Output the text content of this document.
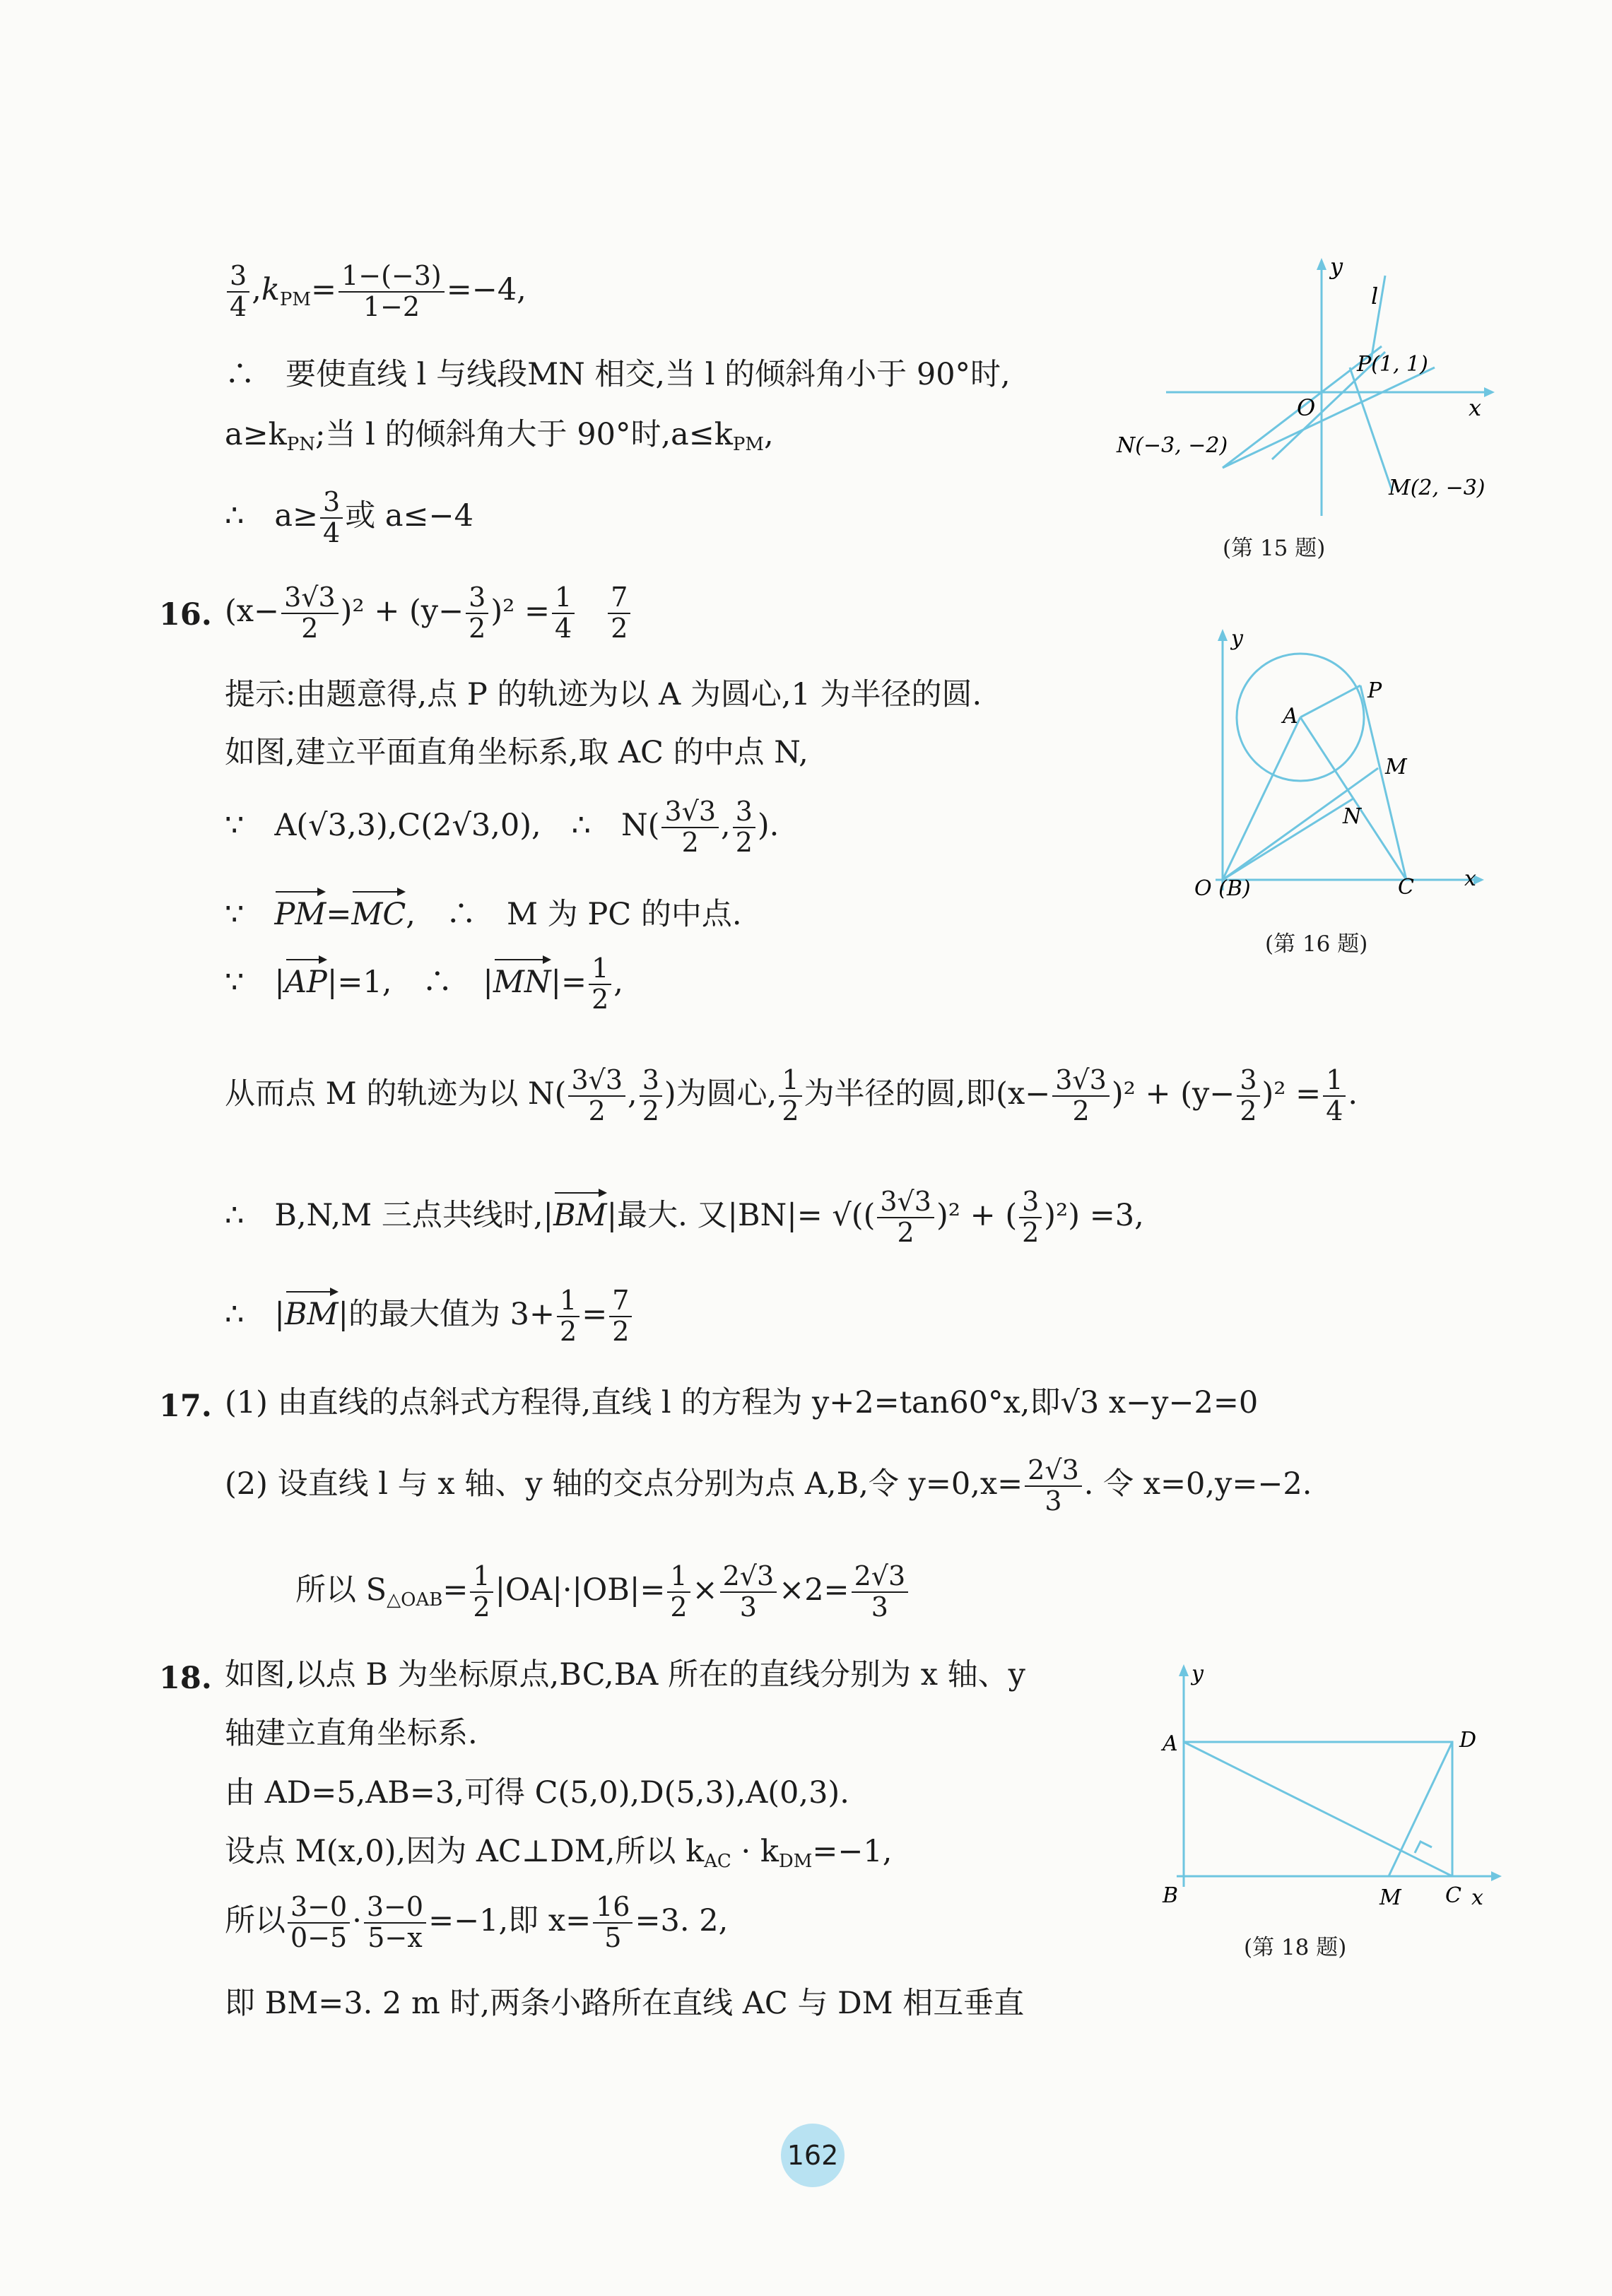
$\frac{3}{4} ,k_{PM}= \frac{1-(-3)}{1-2} =-4$,
∴　要使直线 l 与线段MN 相交,当 l 的倾斜角小于 90°时,
$a\ge k_{PN}$;当 l 的倾斜角大于 90°时$,a\le k_{PM}$,
∴　$a\ge \frac{3}{4}$ 或 a≤−4
y
x
l
O
P(1, 1)
N(−3, −2)
M(2, −3)
(第 15 题)
16. $(x- \frac{3√3}{2} )^2 + (y- \frac{3}{2} )^2 = \frac{1}{4}$
$\frac{7}{2}$
提示:由题意得,点 P 的轨迹为以 A 为圆心,1 为半径的圆.
如图,建立平面直角坐标系,取 AC 的中点 N,
∵　A(√3,3),C(2√3,0),　∴　$N( \frac{3√3}{2}$ , $\frac{3}{2}$ ).
∵　PM=MC,　∴　M 为 PC 的中点.
∵　|AP|=1,　∴　$|MN|= \frac{1}{2}$ ,
从而点 M 的轨迹为以 $N( \frac{3√3}{2}$ , $\frac{3}{2}$ )为圆心, $\frac{1}{2}$ 为半径的圆,即$(x- \frac{3√3}{2} )^2 + (y- \frac{3}{2} )^2 = \frac{1}{4}$ .
∴　B,N,M 三点共线时,|BM|最大. 又|BN|= √(( $\frac{3√3}{2} )^2$ + ( $\frac{3}{2} )^2) =3$,
∴　|BM|的最大值为 $3+ \frac{1}{2} = \frac{7}{2}$
y
x
A
P
M
N
O (B)	C
(第 16 题)
17. (1) 由直线的点斜式方程得,直线 l 的方程为 y+2=tan60°x,即√3 x−y−2=0
(2) 设直线 l 与 x 轴、y 轴的交点分别为点 A,B,令 $y=0,x= \frac{2√3}{3}$ . 令 x=0,y=−2.
所以 $S_{\triangle OAB}= \frac{1}{2} |OA|\cdot|OB|= \frac{1}{2} \times \frac{2√3}{3} \times 2= \frac{2√3}{3}$
18. 如图,以点 B 为坐标原点,BC,BA 所在的直线分别为 x 轴、y
轴建立直角坐标系.
由 AD=5,AB=3,可得 C(5,0),D(5,3),A(0,3).
设点 M(x,0),因为 AC⊥DM,所以 $k_{AC} \cdot k_{DM}=-1$,
所以 $\frac{3-0}{0-5} \cdot \frac{3-0}{5-x} =-1$,即 $x= \frac{16}{5} =3$. 2,
即 BM=3. 2 m 时,两条小路所在直线 AC 与 DM 相互垂直
y
x
A	D
B	M C
(第 18 题)
162
